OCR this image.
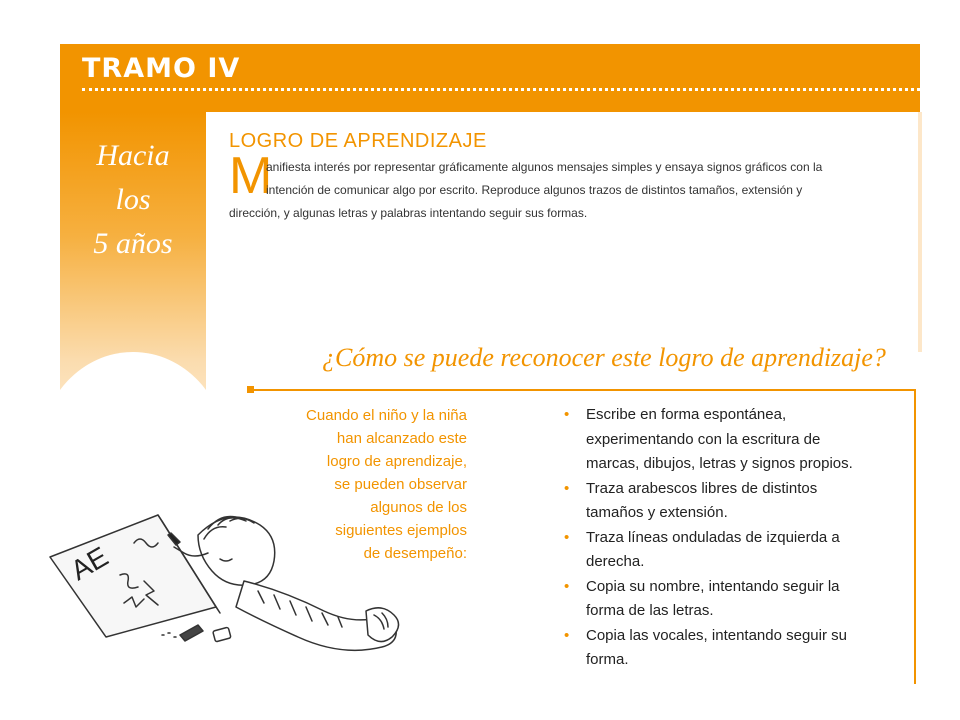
TRAMO IV
Hacia
los
5 años
LOGRO DE APRENDIZAJE
M
anifiesta interés por representar gráficamente algunos mensajes simples y ensaya signos gráficos con la
intención de comunicar algo por escrito. Reproduce algunos trazos de distintos tamaños, extensión y
dirección, y algunas letras y palabras intentando seguir sus formas.
¿Cómo se puede reconocer este logro de aprendizaje?
Cuando el niño y la niña
han alcanzado este
logro de aprendizaje,
se pueden observar
algunos de los
siguientes ejemplos
de desempeño:
• Escribe en forma espontánea,
experimentando con la escritura de
marcas, dibujos, letras y signos propios.
• Traza arabescos libres de distintos
tamaños y extensión.
• Traza líneas onduladas de izquierda a
derecha.
• Copia su nombre, intentando seguir la
forma de las letras.
• Copia las vocales, intentando seguir su
forma.
AE
